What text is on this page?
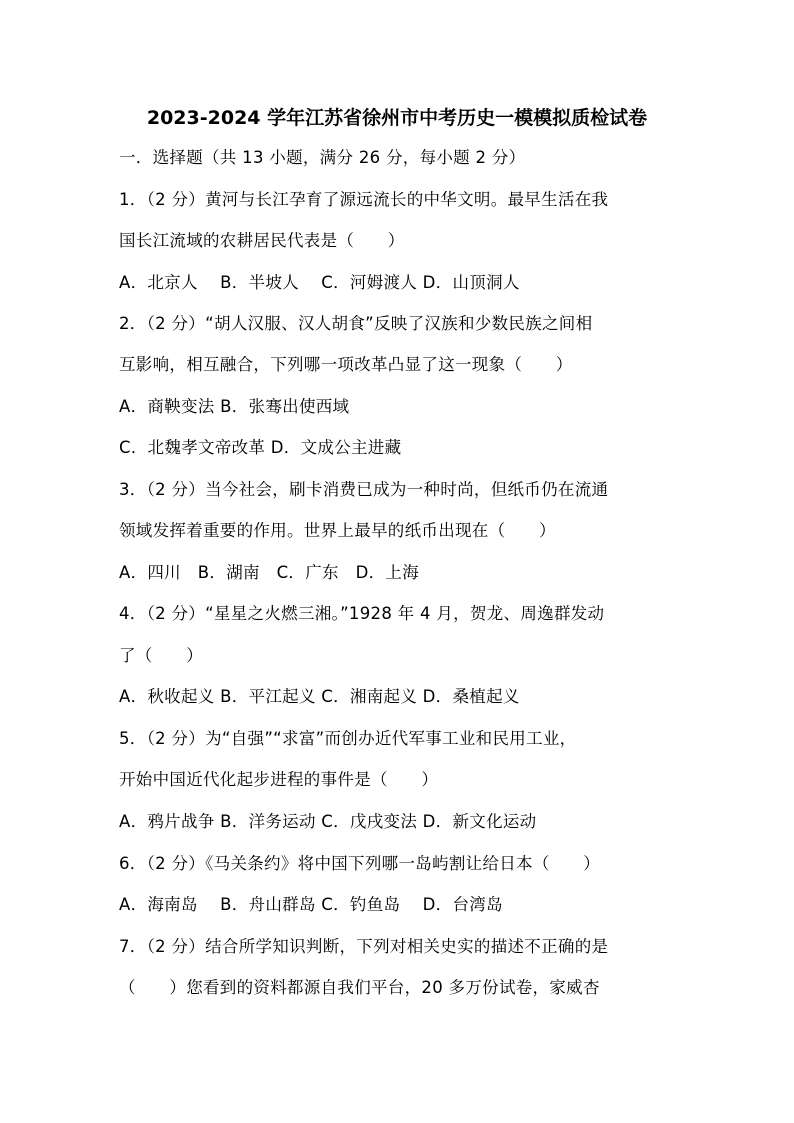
2023-2024 学年江苏省徐州市中考历史一模模拟质检试卷
一．选择题（共 13 小题，满分 26 分，每小题 2 分）
1．（2 分）黄河与长江孕育了源远流长的中华文明。最早生活在我
国长江流域的农耕居民代表是（　　）
A．北京人　 B．半坡人　 C．河姆渡人 D．山顶洞人
2．（2 分）“胡人汉服、汉人胡食”反映了汉族和少数民族之间相
互影响，相互融合，下列哪一项改革凸显了这一现象（　　）
A．商鞅变法 B．张骞出使西域
C．北魏孝文帝改革 D．文成公主进藏
3．（2 分）当今社会，刷卡消费已成为一种时尚，但纸币仍在流通
领域发挥着重要的作用。世界上最早的纸币出现在（　　）
A．四川　B．湖南　C．广东　D．上海
4．（2 分）“星星之火燃三湘。”1928 年 4 月，贺龙、周逸群发动
了（　　）
A．秋收起义 B．平江起义 C．湘南起义 D．桑植起义
5．（2 分）为“自强”“求富”而创办近代军事工业和民用工业，
开始中国近代化起步进程的事件是（　　）
A．鸦片战争 B．洋务运动 C．戊戌变法 D．新文化运动
6．（2 分）《马关条约》将中国下列哪一岛屿割让给日本（　　）
A．海南岛　 B．舟山群岛 C．钓鱼岛　 D．台湾岛
7．（2 分）结合所学知识判断，下列对相关史实的描述不正确的是
（　　）您看到的资料都源自我们平台，20 多万份试卷，家威杏
